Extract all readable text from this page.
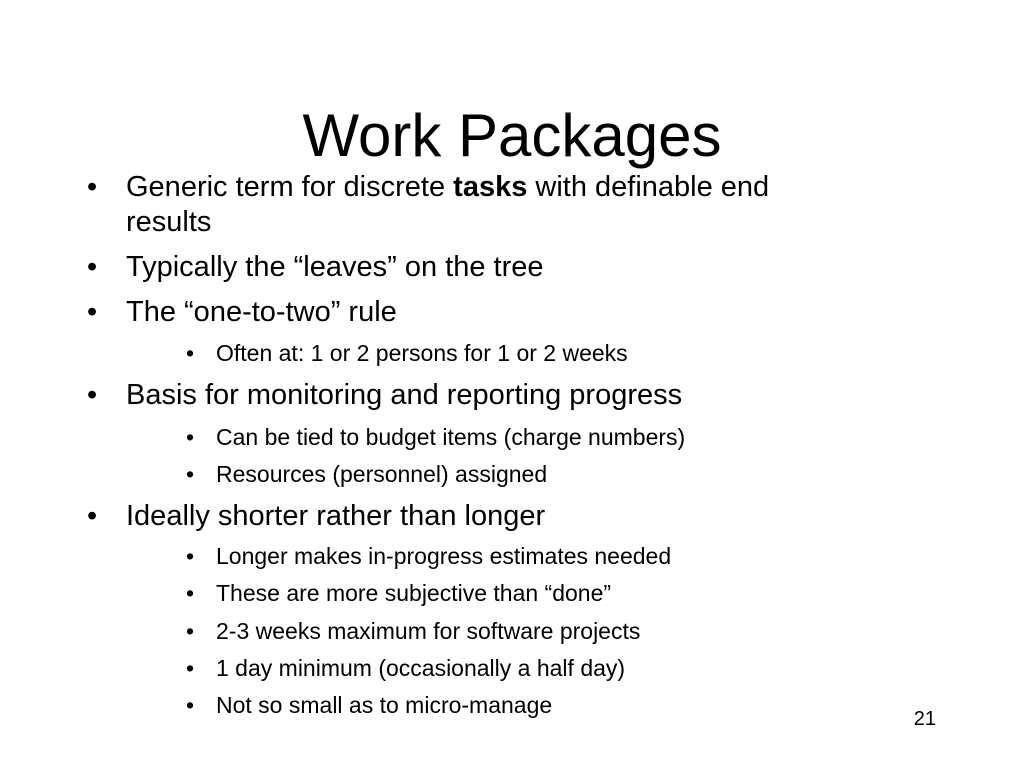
Work Packages
• Generic term for discrete tasks with definable end
results
• Typically the “leaves” on the tree
• The “one-to-two” rule
• Often at: 1 or 2 persons for 1 or 2 weeks
• Basis for monitoring and reporting progress
• Can be tied to budget items (charge numbers)
• Resources (personnel) assigned
• Ideally shorter rather than longer
• Longer makes in-progress estimates needed
• These are more subjective than “done”
• 2-3 weeks maximum for software projects
• 1 day minimum (occasionally a half day)
• Not so small as to micro-manage
21
